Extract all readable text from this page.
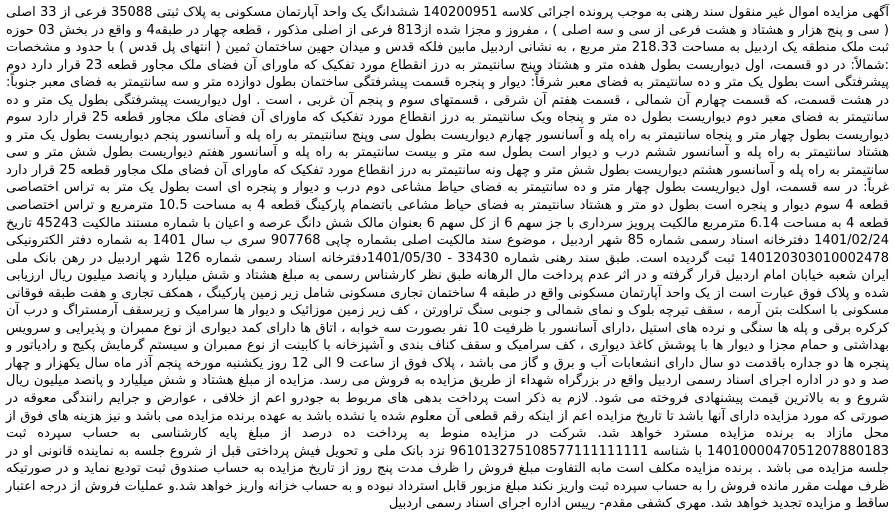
آگهی مزایده اموال غیر منقول سند رهنی به موجب پرونده اجرائی کلاسه 140200951 ششدانگ یک واحد آپارتمان مسکونی به پلاک ثبتی 35088 فرعی از 33 اصلی ( سی و پنج هزار و هشتاد و هشت فرعی از سی و سه اصلی ) ، مفروز و مجزا شده از813 فرعی از اصلی مذکور ، قطعه چهار در طبقه4 و واقع در بخش 03 حوزه ثبت ملک منطقه یک اردبیل به مساحت 218.33 متر مربع ، به نشانی اردبیل مابین فلکه قدس و میدان جهین ساختمان ثمین ( انتهای پل قدس ) با حدود و مشخصات :شمالاً: در دو قسمت، اول دیواریست بطول هفده متر و هشتاد وپنج سانتیمتر به درز انقطاع مورد تفکیک که ماورای آن فضای ملک مجاور قطعه 23 قرار دارد دوم پیشرفتگی است بطول یک متر و ده سانتیمتر به فضای معبر شرقاً: دیوار و پنجره قسمت پیشرفتگی ساختمان بطول دوازده متر و سه سانتیمتر به فضای معبر جنوباً: در هشت قسمت، که قسمت چهارم آن شمالی ، قسمت هفتم آن شرقی ، قسمتهای سوم و پنجم آن غربی ، است . اول دیواریست پیشرفتگی بطول یک متر و ده سانتیمتر به فضای معبر دوم دیواریست بطول ده متر و پنجاه ویک سانتیمتر به درز انقطاع مورد تفکیک که ماورای آن فضای ملک مجاور قطعه 25 قرار دارد سوم دیواریست بطول چهار متر و پنجاه سانتیمتر به راه پله و آسانسور چهارم دیواریست بطول سی وپنج سانتیمتر به راه پله و آسانسور پنجم دیواریست بطول یک متر و هشتاد سانتیمتر به راه پله و آسانسور ششم درب و دیوار است بطول سه متر و بیست سانتیمتر به راه پله و آسانسور هفتم دیواریست بطول شش متر و سی سانتیمتر به راه پله و آسانسور هشتم دیواریست بطول شش متر و چهل ونه سانتیمتر به درز انقطاع مورد تفکیک که ماورای آن فضای ملک مجاور قطعه 25 قرار دارد غرباً: در سه قسمت، اول دیواریست بطول چهار متر و ده سانتیمتر به فضای حیاط مشاعی دوم درب و دیوار و پنجره ای است بطول یک متر به تراس اختصاصی قطعه 4 سوم دیوار و پنجره است بطول دو متر و هشتاد سانتیمتر به فضای حیاط مشاعی باتضمام پارکینگ قطعه 4 به مساحت 10.5 مترمربع و تراس اختصاصی قطعه 4 به مساحت 6.14 مترمربع مالکیت پرویز سرداری با جز سهم 6 از کل سهم 6 بعنوان مالک شش دانگ عرصه و اعیان با شماره مستند مالکیت 45243 تاریخ 1401/02/24 دفترخانه اسناد رسمی شماره 85 شهر اردبیل ، موضوع سند مالکیت اصلی بشماره چاپی 907768 سری ب سال 1401 به شماره دفتر الکترونیکی 140120303010002478 ثبت گردیده است. طبق سند رهنی شماره 33430 - 1401/05/30دفترخانه اسناد رسمی شماره 126 شهر اردبیل در رهن بانک ملی ایران شعبه خیابان امام اردبیل قرار گرفته و در اثر عدم پرداخت مال الرهانه طبق نظر کارشناس رسمی به مبلغ هشتاد و شش میلیارد و پانصد میلیون ریال ارزیابی شده و پلاک فوق عبارت است از یک واحد آپارتمان مسکونی واقع در طبقه 4 ساختمان تجاری مسکونی شامل زیر زمین پارکینگ ، همکف تجاری و هفت طبقه فوقانی مسکونی با اسکلت بتن آرمه ، سقف تیرچه بلوک و نمای شمالی و جنوبی سنگ تراورتن ، کف زیر زمین موزائیک و دیوار ها سرامیک و زیرسقف آرمستراگ و درب آن کرکره برقی و پله ها سنگی و نرده های استیل ،دارای آسانسور با ظرفیت 10 نفر بصورت سه خوابه ، اتاق ها دارای کمد دیواری از نوع ممبران و پذیرایی و سرویس بهداشتی و حمام مجزا و دیوار ها با پوشش کاغذ دیواری ، کف سرامیک و سقف کناف بندی و آشپزخانه با کابینت از نوع ممبران و سیستم گرمایش پکیج و رادیاتور و پنجره ها دو جداره باقدمت دو سال دارای انشعابات آب و برق و گاز می باشد ، پلاک فوق از ساعت 9 الی 12 روز یکشنبه مورخه پنجم آذر ماه سال یکهزار و چهار صد و دو در اداره اجرای اسناد رسمی اردبیل واقع در بزرگراه شهداء از طریق مزایده به فروش می رسد. مزایده از مبلغ هشتاد و شش میلیارد و پانصد میلیون ریال شروع و به بالاترین قیمت پیشنهادی فروخته می شود. لازم به ذکر است پرداخت بدهی های مربوط به جودرو اعم از خلافی ، عوارض و جرایم رانندگی معوقه در صورتی که مورد مزایده دارای آنها باشد تا تاریخ مزایده اعم از اینکه رقم قطعی آن معلوم شده یا نشده باشد به عهده برنده مزایده می باشد و نیز هزینه های فوق از محل مازاد به برنده مزایده مسترد خواهد شد. شرکت در مزایده منوط به پرداخت ده درصد از مبلغ پایه کارشناسی به حساب سپرده ثبت 1401000047051207880183 با شناسه 961013275108577111111111 نزد بانک ملی و تحویل فیش پرداختی قبل از شروع جلسه به نماینده قانونی او در جلسه مزایده می باشد . برنده مزایده مکلف است مابه التفاوت مبلغ فروش را ظرف مدت پنج روز از تاریخ مزایده به حساب صندوق ثبت تودیع نماید و در صورتیکه ظرف مهلت مقرر مانده فروش را به حساب سپرده ثبت واریز نکند مبلغ مزبور قابل استرداد نبوده و به حساب خزانه واریز خواهد شد.و عملیات فروش از درجه اعتبار ساقط و مزایده تجدید خواهد شد. مهری کشفی مقدم- رییس اداره اجرای اسناد رسمی اردبیل
